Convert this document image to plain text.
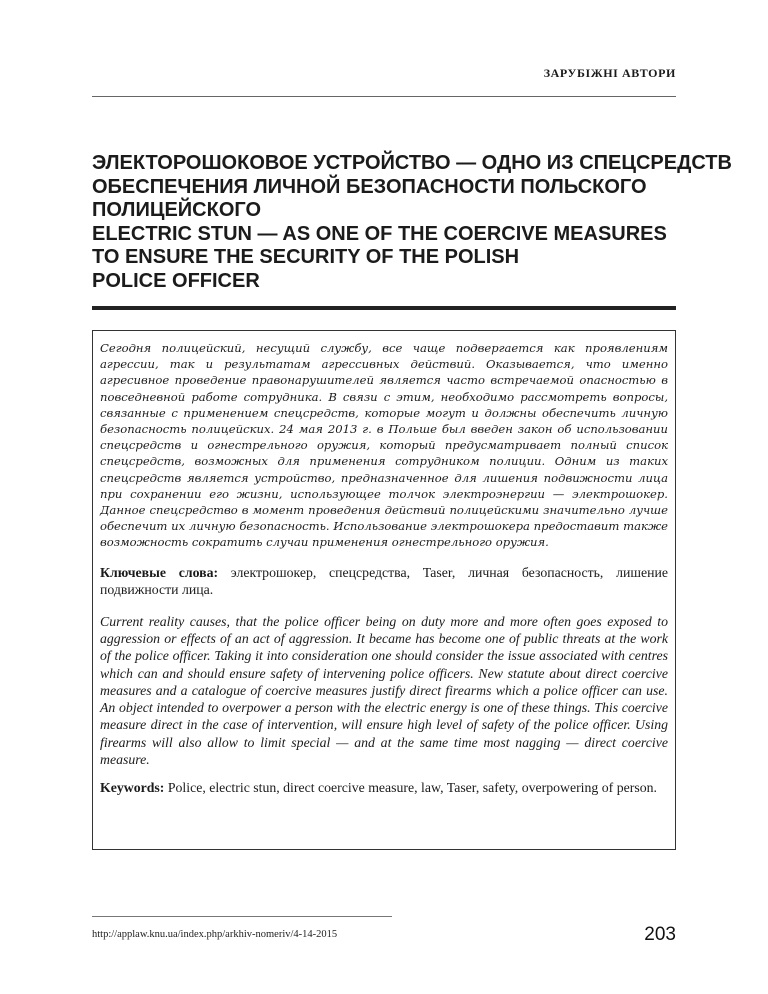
ЗАРУБІЖНІ АВТОРИ
ЭЛЕКТОРОШОКОВОЕ УСТРОЙСТВО — ОДНО ИЗ СПЕЦСРЕДСТВ
ОБЕСПЕЧЕНИЯ ЛИЧНОЙ БЕЗОПАСНОСТИ ПОЛЬСКОГО
ПОЛИЦЕЙСКОГО
ELECTRIC STUN — AS ONE OF THE COERCIVE MEASURES
TO ENSURE THE SECURITY OF THE POLISH
POLICE OFFICER

Сегодня полицейский, несущий службу, все чаще подвергается как проявлениям агрессии, так и результатам агрессивных действий. Оказывается, что именно агресивное проведение правонарушителей является часто встречаемой опасностью в повседневной работе сотрудника. В связи с этим, необходимо рассмотреть вопросы, связанные с применением спецсредств, которые могут и должны обеспечить личную безопасность полицейских. 24 мая 2013 г. в Польше был введен закон об использовании спецсредств и огнестрельного оружия, который предусматривает полный список спецсредств, возможных для применения сотрудником полиции. Одним из таких спецсредств является устройство, предназначенное для лишения подвижности лица при сохранении его жизни, использующее толчок электроэнергии — электрошокер. Данное спецсредство в момент проведения действий полицейскими значительно лучше обеспечит их личную безопасность. Использование электрошокера предоставит также возможность сократить случаи применения огнестрельного оружия.

Ключевые слова: электрошокер, спецсредства, Taser, личная безопасность, лишение подвижности лица.

Current reality causes, that the police officer being on duty more and more often goes exposed to aggression or effects of an act of aggression. It became has become one of public threats at the work of the police officer. Taking it into consideration one should consider the issue associated with centres which can and should ensure safety of intervening police officers. New statute about direct coercive measures and a catalogue of coercive measures justify direct firearms which a police officer can use. An object intended to overpower a person with the electric energy is one of these things. This coercive measure direct in the case of intervention, will ensure high level of safety of the police officer. Using firearms will also allow to limit special — and at the same time most nagging — direct coercive measure.

Keywords: Police, electric stun, direct coercive measure, law, Taser, safety, overpowering of person.

http://applaw.knu.ua/index.php/arkhiv-nomeriv/4-14-2015	203
